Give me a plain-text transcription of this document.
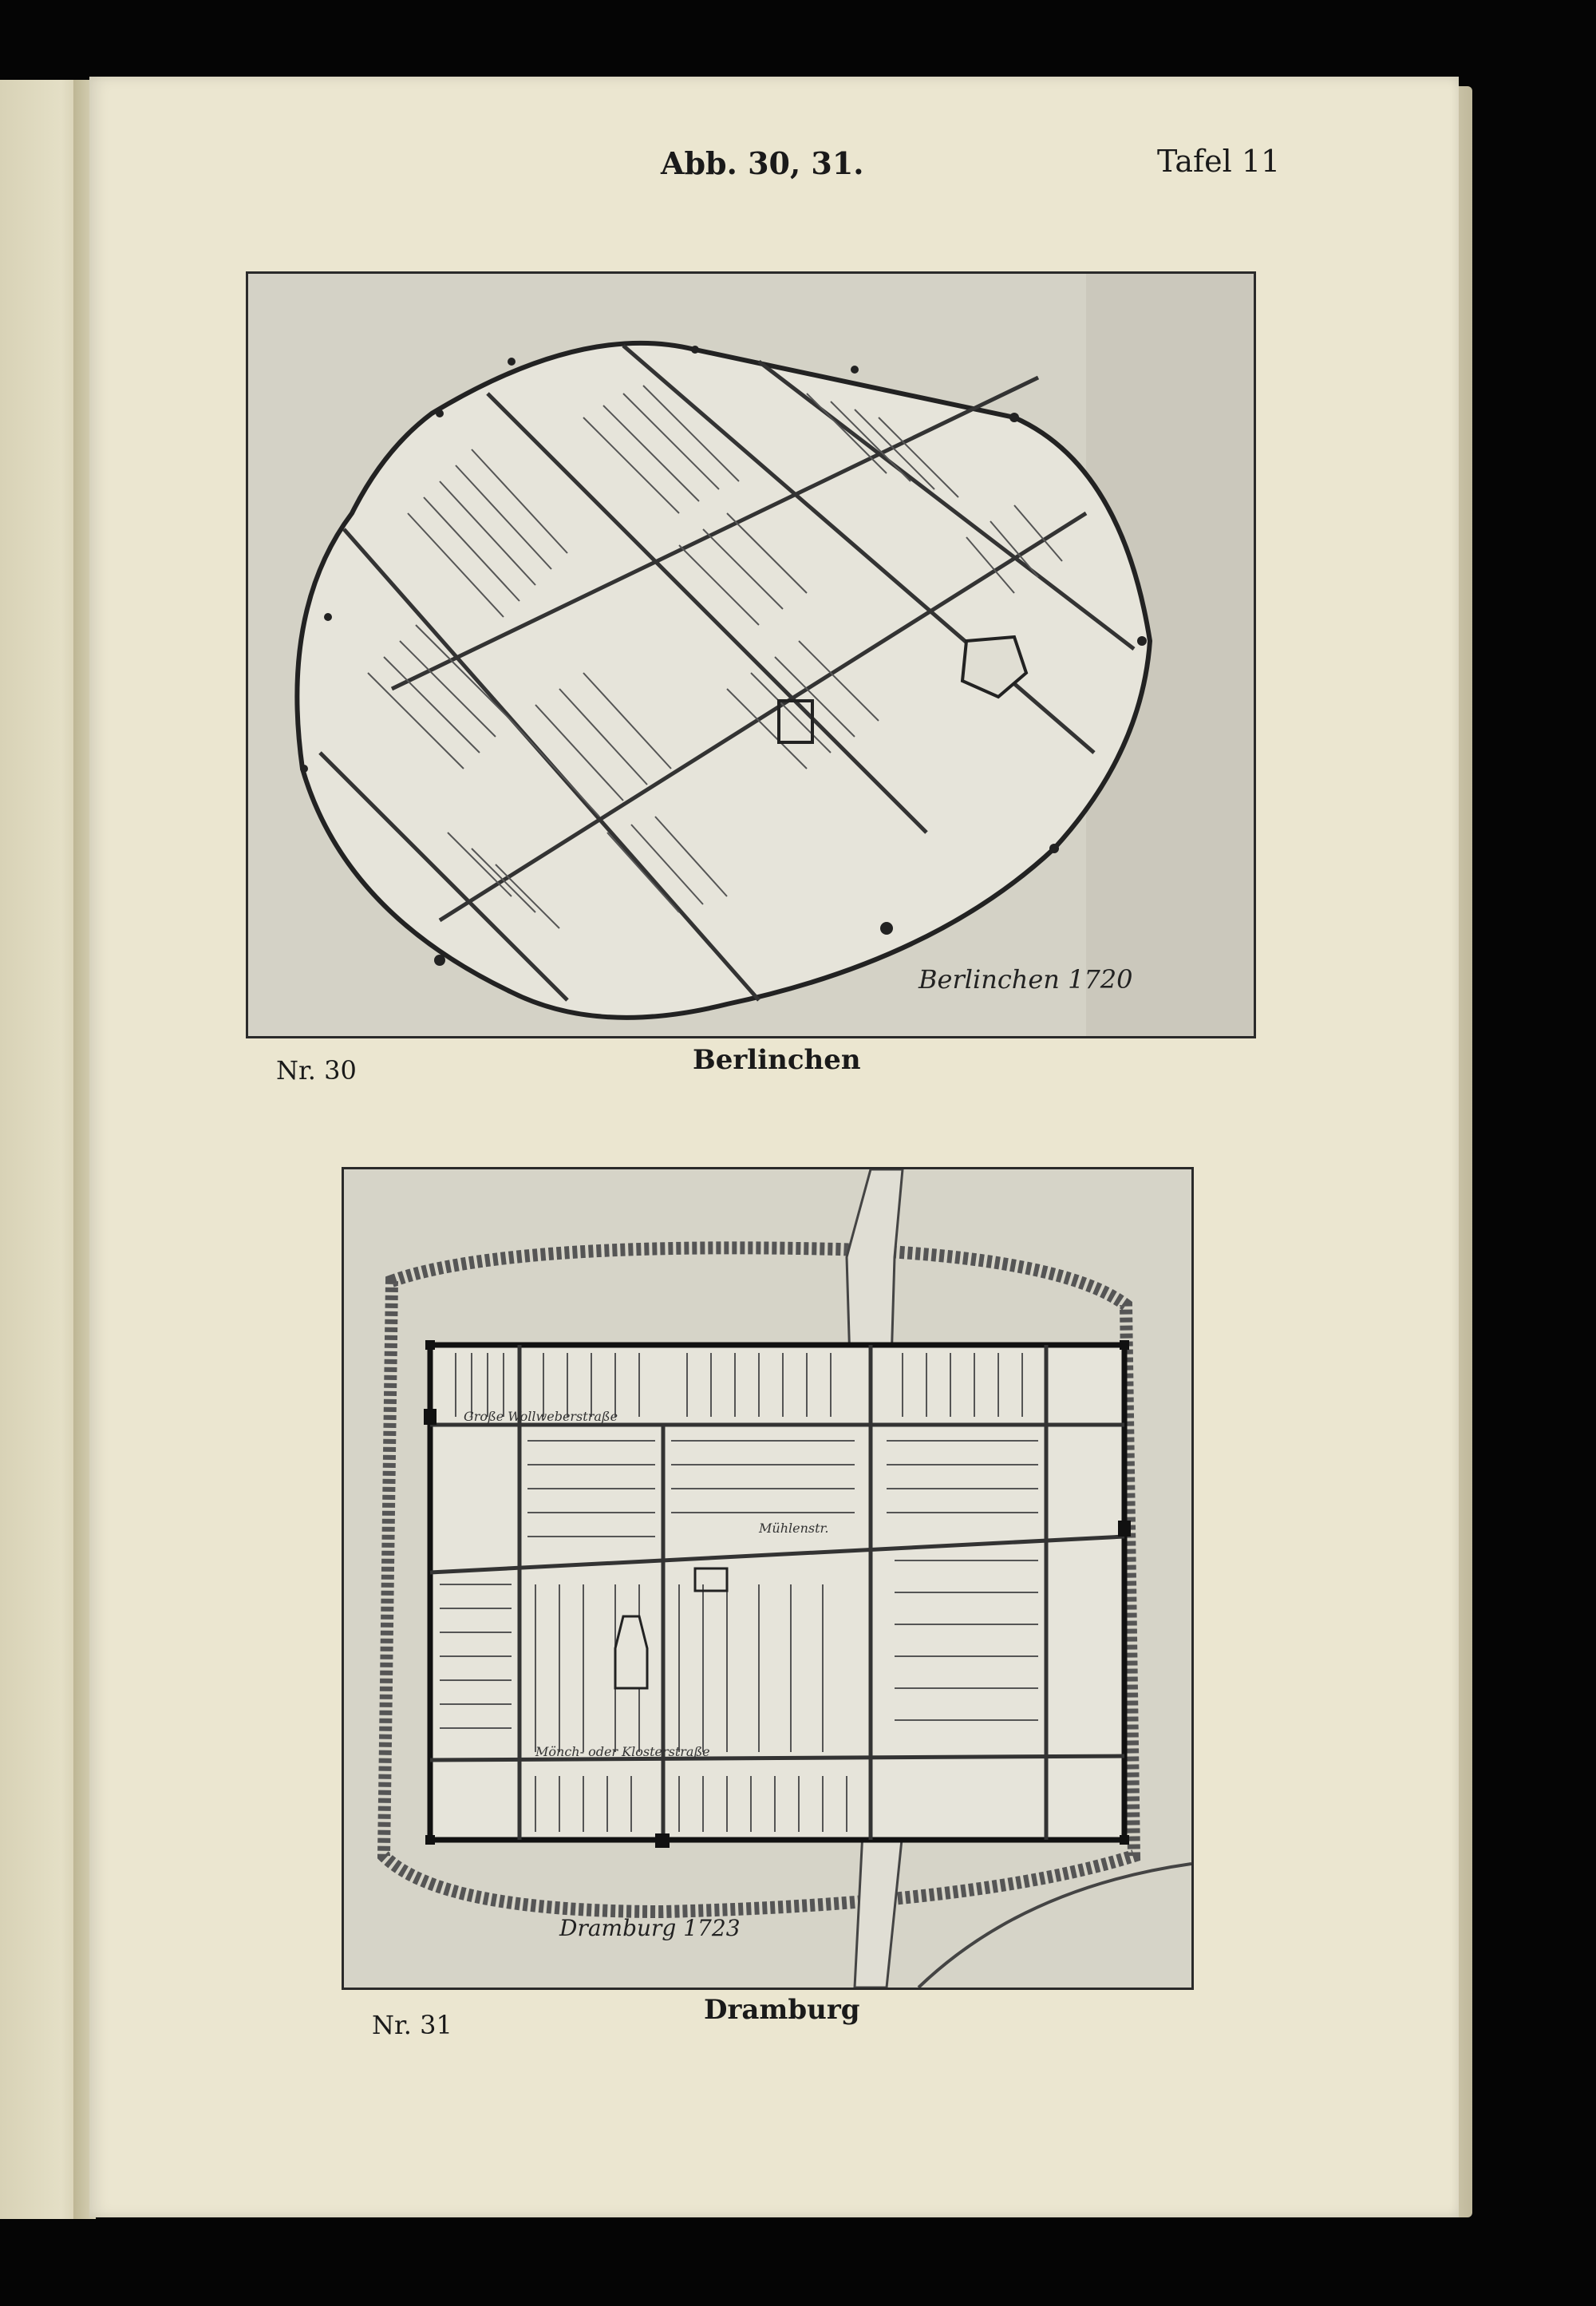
Abb. 30, 31.	Tafel 11
Berlinchen 1720
Nr. 30	Berlinchen
Große Wollweberstraße
Mühlenstr.
Mönch- oder Klosterstraße
Dramburg 1723
Nr. 31	Dramburg
